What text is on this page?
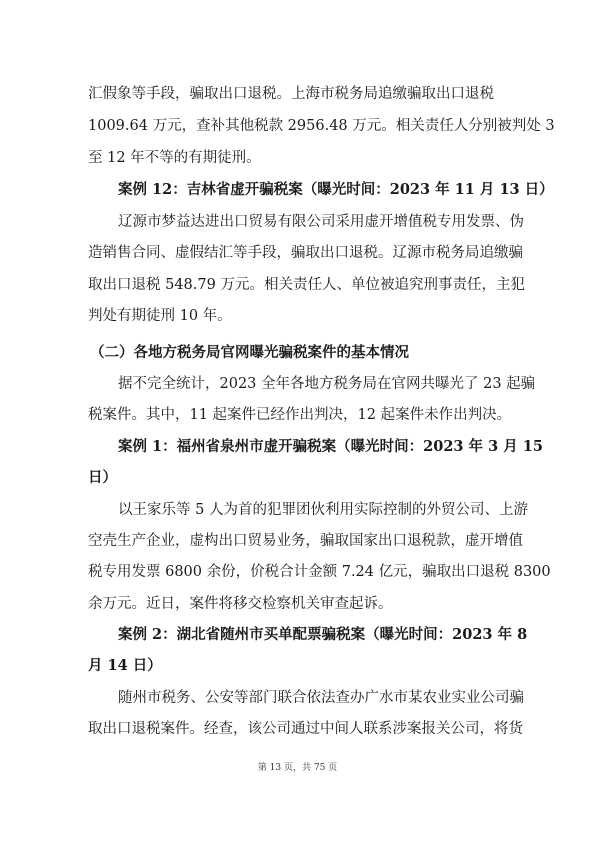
汇假象等手段，骗取出口退税。上海市税务局追缴骗取出口退税
1009.64 万元，查补其他税款 2956.48 万元。相关责任人分别被判处 3
至 12 年不等的有期徒刑。
案例 12：吉林省虚开骗税案（曝光时间：2023 年 11 月 13 日）
辽源市梦益达进出口贸易有限公司采用虚开增值税专用发票、伪
造销售合同、虚假结汇等手段，骗取出口退税。辽源市税务局追缴骗
取出口退税 548.79 万元。相关责任人、单位被追究刑事责任，主犯
判处有期徒刑 10 年。
（二）各地方税务局官网曝光骗税案件的基本情况
据不完全统计，2023 全年各地方税务局在官网共曝光了 23 起骗
税案件。其中，11 起案件已经作出判决，12 起案件未作出判决。
案例 1：福州省泉州市虚开骗税案（曝光时间：2023 年 3 月 15
日）
以王家乐等 5 人为首的犯罪团伙利用实际控制的外贸公司、上游
空壳生产企业，虚构出口贸易业务，骗取国家出口退税款，虚开增值
税专用发票 6800 余份，价税合计金额 7.24 亿元，骗取出口退税 8300
余万元。近日，案件将移交检察机关审查起诉。
案例 2：湖北省随州市买单配票骗税案（曝光时间：2023 年 8
月 14 日）
随州市税务、公安等部门联合依法查办广水市某农业实业公司骗
取出口退税案件。经查，该公司通过中间人联系涉案报关公司，将货
第 13 页，共 75 页
